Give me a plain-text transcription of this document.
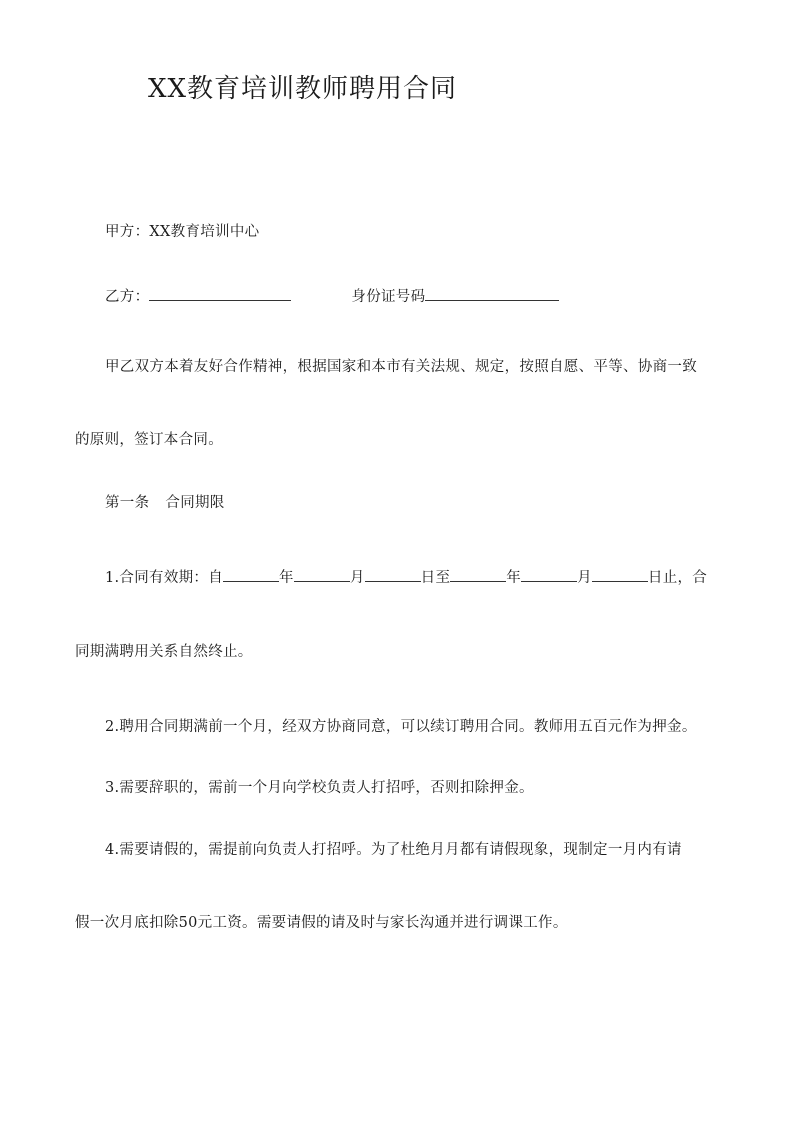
XX教育培训教师聘用合同
甲方：XX教育培训中心
乙方：	身份证号码
甲乙双方本着友好合作精神，根据国家和本市有关法规、规定，按照自愿、平等、协商一致
的原则，签订本合同。
第一条 合同期限
1.合同有效期：自	年	月	日至	年	月	日止，合
同期满聘用关系自然终止。
2.聘用合同期满前一个月，经双方协商同意，可以续订聘用合同。教师用五百元作为押金。
3.需要辞职的，需前一个月向学校负责人打招呼，否则扣除押金。
4.需要请假的，需提前向负责人打招呼。为了杜绝月月都有请假现象，现制定一月内有请
假一次月底扣除50元工资。需要请假的请及时与家长沟通并进行调课工作。
